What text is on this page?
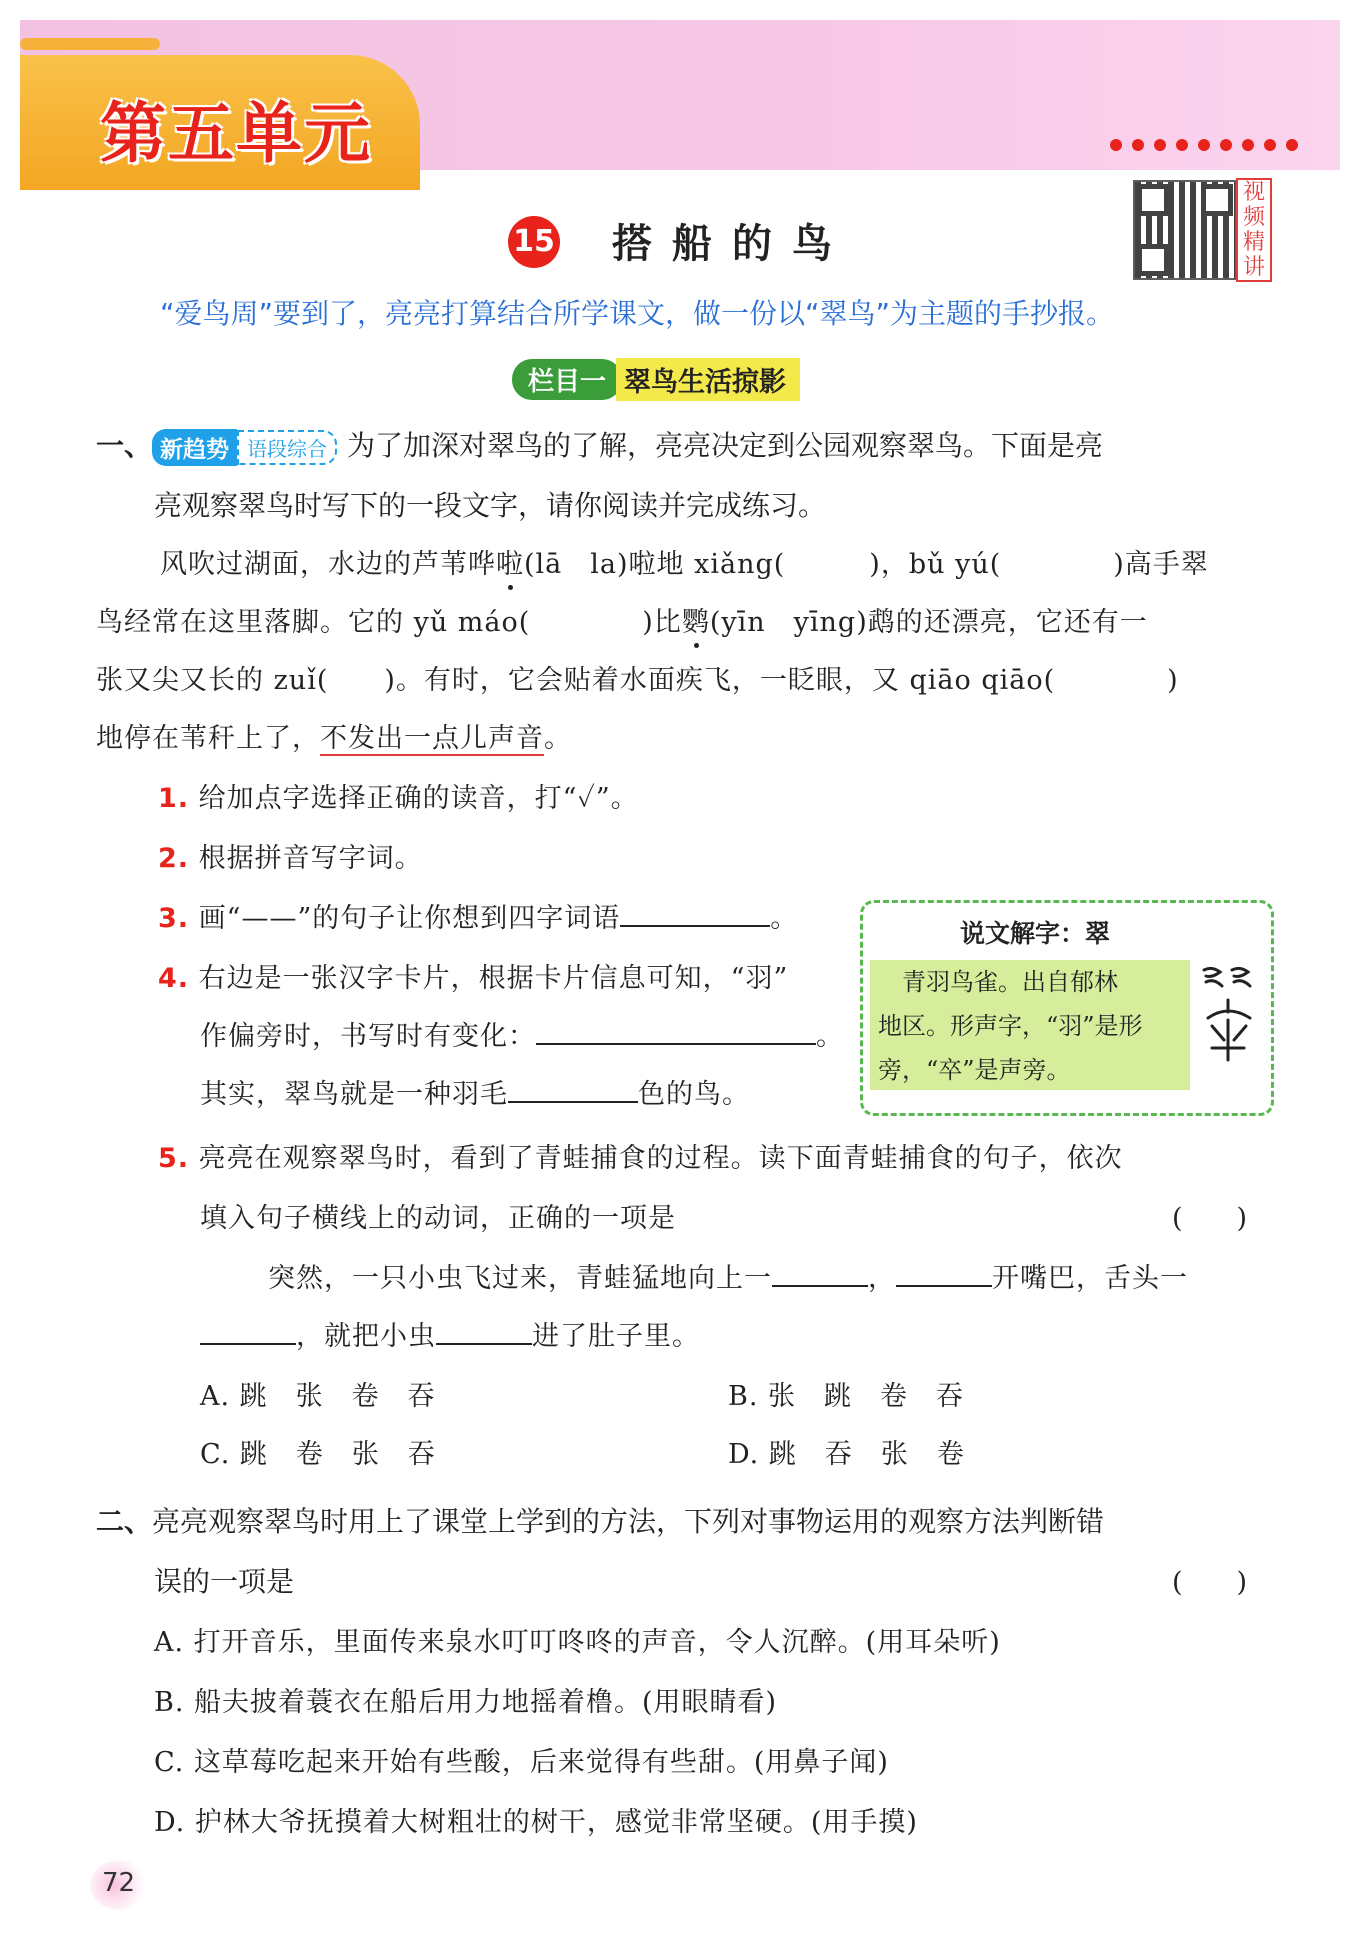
第五单元
视频精讲
15 搭船的鸟
“爱鸟周”要到了，亮亮打算结合所学课文，做一份以“翠鸟”为主题的手抄报。
栏目一 翠鸟生活掠影
一、 新趋势 语段综合 为了加深对翠鸟的了解，亮亮决定到公园观察翠鸟。下面是亮
亮观察翠鸟时写下的一段文字，请你阅读并完成练习。
风吹过湖面，水边的芦苇哗啦(lā　la)啦地 xiǎng(　　　)，bǔ yú(　　　　)高手翠
鸟经常在这里落脚。它的 yǔ máo(　　　　)比鹦(yīn　yīng)鹉的还漂亮，它还有一
张又尖又长的 zuǐ(　　)。有时，它会贴着水面疾飞，一眨眼，又 qiāo qiāo(　　　　)
地停在苇秆上了，不发出一点儿声音。
1. 给加点字选择正确的读音，打“✓”。
2. 根据拼音写字词。
3. 画“——”的句子让你想到四字词语	。
4. 右边是一张汉字卡片，根据卡片信息可知，“羽”
作偏旁时，书写时有变化：	。
其实，翠鸟就是一种羽毛	色的鸟。
说文解字：翠
　青羽鸟雀。出自郁林
地区。形声字，“羽”是形
旁，“卒”是声旁。
翠
5. 亮亮在观察翠鸟时，看到了青蛙捕食的过程。读下面青蛙捕食的句子，依次
填入句子横线上的动词，正确的一项是	(　　)
突然，一只小虫飞过来，青蛙猛地向上一	，	开嘴巴，舌头一
，就把小虫	进了肚子里。
A. 跳　张　卷　吞	B. 张　跳　卷　吞
C. 跳　卷　张　吞	D. 跳　吞　张　卷
二、亮亮观察翠鸟时用上了课堂上学到的方法，下列对事物运用的观察方法判断错
误的一项是	(　　)
A. 打开音乐，里面传来泉水叮叮咚咚的声音，令人沉醉。(用耳朵听)
B. 船夫披着蓑衣在船后用力地摇着橹。(用眼睛看)
C. 这草莓吃起来开始有些酸，后来觉得有些甜。(用鼻子闻)
D. 护林大爷抚摸着大树粗壮的树干，感觉非常坚硬。(用手摸)
72
